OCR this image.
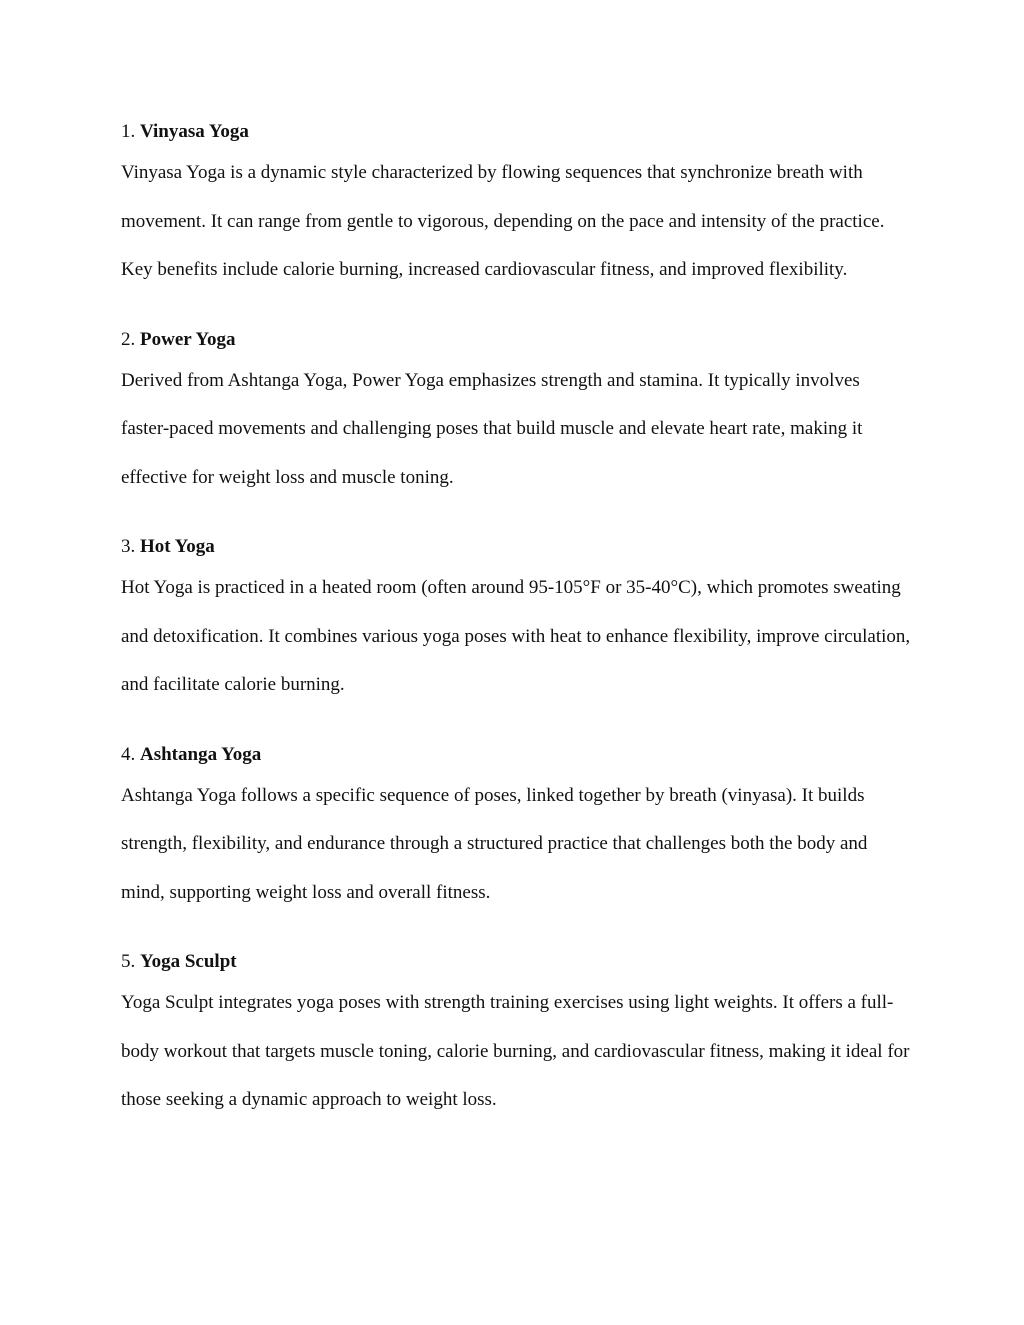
1. Vinyasa Yoga

Vinyasa Yoga is a dynamic style characterized by flowing sequences that synchronize breath with movement. It can range from gentle to vigorous, depending on the pace and intensity of the practice. Key benefits include calorie burning, increased cardiovascular fitness, and improved flexibility.

2. Power Yoga

Derived from Ashtanga Yoga, Power Yoga emphasizes strength and stamina. It typically involves faster-paced movements and challenging poses that build muscle and elevate heart rate, making it effective for weight loss and muscle toning.

3. Hot Yoga

Hot Yoga is practiced in a heated room (often around 95-105°F or 35-40°C), which promotes sweating and detoxification. It combines various yoga poses with heat to enhance flexibility, improve circulation, and facilitate calorie burning.

4. Ashtanga Yoga

Ashtanga Yoga follows a specific sequence of poses, linked together by breath (vinyasa). It builds strength, flexibility, and endurance through a structured practice that challenges both the body and mind, supporting weight loss and overall fitness.

5. Yoga Sculpt

Yoga Sculpt integrates yoga poses with strength training exercises using light weights. It offers a full-body workout that targets muscle toning, calorie burning, and cardiovascular fitness, making it ideal for those seeking a dynamic approach to weight loss.
